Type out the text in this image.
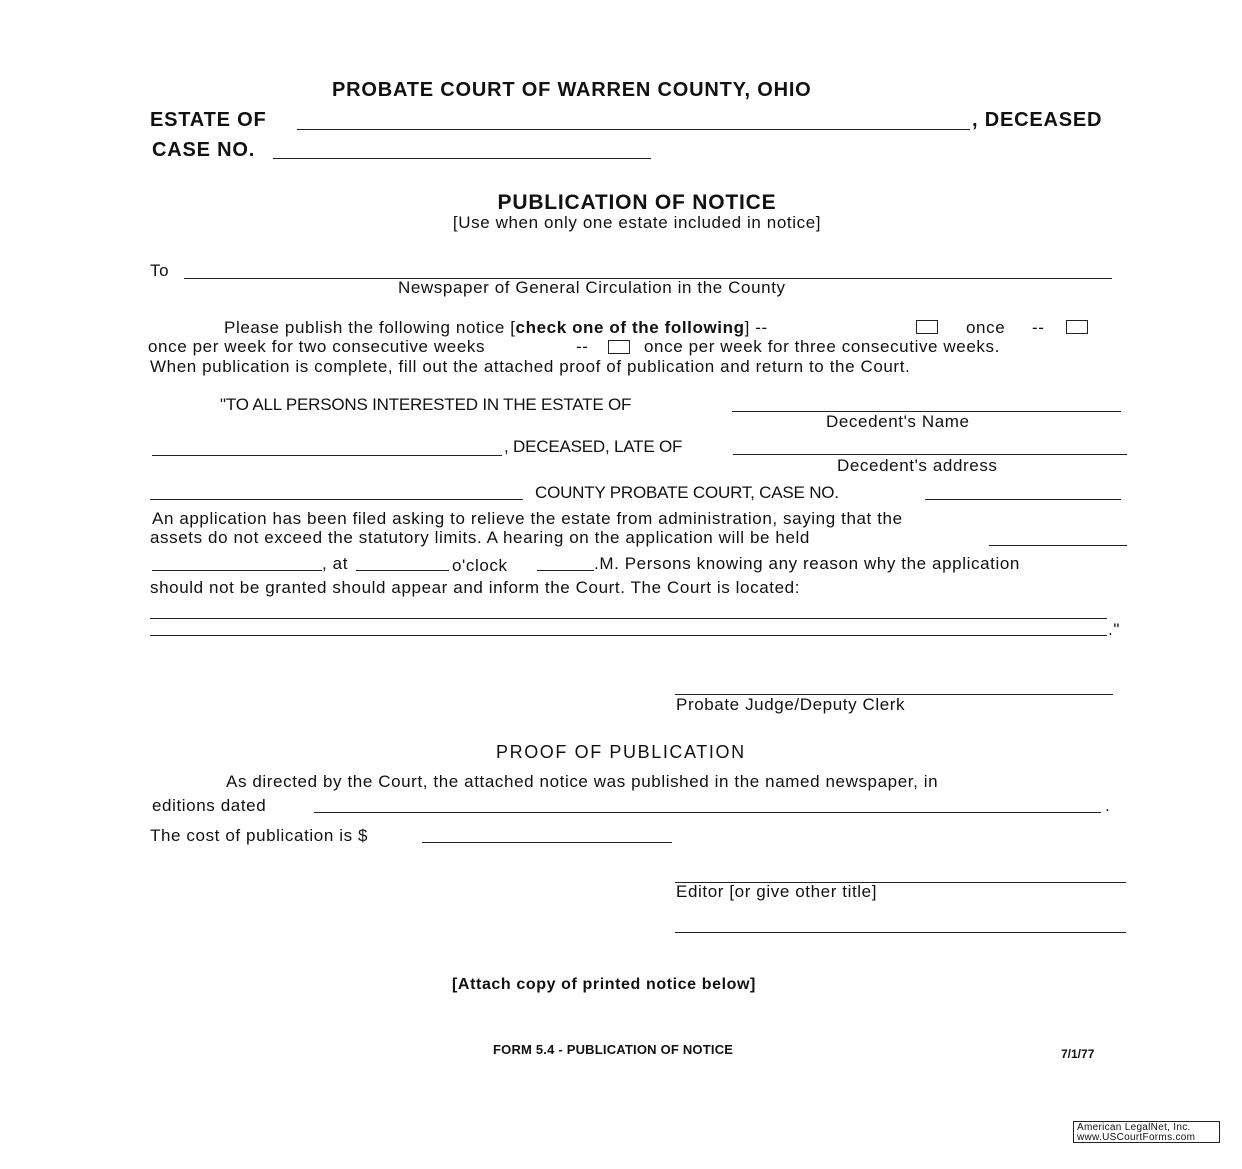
PROBATE COURT OF WARREN COUNTY, OHIO
ESTATE OF	, DECEASED
CASE NO.
PUBLICATION OF NOTICE
[Use when only one estate included in notice]
To
Newspaper of General Circulation in the County
Please publish the following notice [check one of the following] --	once --
once per week for two consecutive weeks	--	once per week for three consecutive weeks.
When publication is complete, fill out the attached proof of publication and return to the Court.
"TO ALL PERSONS INTERESTED IN THE ESTATE OF
Decedent's Name
, DECEASED, LATE OF
Decedent's address
COUNTY PROBATE COURT, CASE NO.
An application has been filed asking to relieve the estate from administration, saying that the
assets do not exceed the statutory limits. A hearing on the application will be held
, at	o'clock	.M. Persons knowing any reason why the application
should not be granted should appear and inform the Court. The Court is located:
."
Probate Judge/Deputy Clerk
PROOF OF PUBLICATION
As directed by the Court, the attached notice was published in the named newspaper, in
editions dated	.
The cost of publication is $
Editor [or give other title]
[Attach copy of printed notice below]
FORM 5.4 - PUBLICATION OF NOTICE	7/1/77
American LegalNet, Inc.
www.USCourtForms.com
